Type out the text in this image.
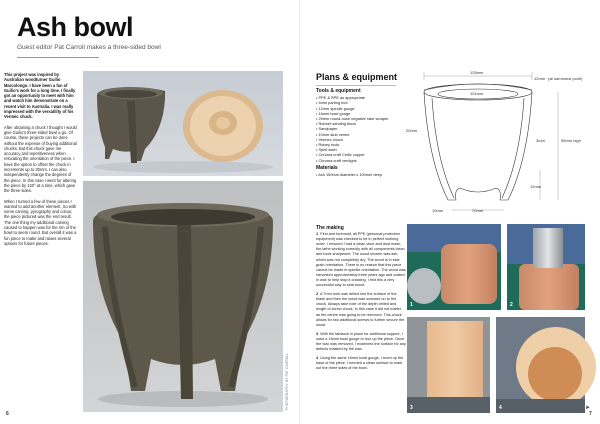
Ash bowl
Guest editor Pat Carroll makes a three-sided bowl

This project was inspired by Australian woodturner Guilio Marcolongo. I have been a fan of Guilio's work for a long time. I finally got an opportunity to meet with him and watch him demonstrate on a recent visit to Australia. I was really impressed with the versatility of his Vermec chuck.

After obtaining a chuck I thought I would give Guilio's three-sided bowl a go. Of course, these projects can be done without the expense of buying additional chucks. But this chuck gave me accuracy and repetitiveness when relocating the orientation of the piece. I have the option to offset the chuck in increments up to 30mm. I can also independently change the degrees of the piece. In this case I went for altering the piece by 120° at a time, which gave the three sides.

When I turned a few of these pieces I wanted to add another element. So with some carving, pyrography and colour, the piece pictured was the end result. The one thing my additional carving caused to happen was for the rim of the bowl to seem round. But overall it was a fun piece to make and raises several options for future pieces.

PHOTOGRAPHY BY PAT CARROLL
6
Plans & equipment
Tools & equipment
• PPE & RPE as appropriate
• 4mm parting tool
• 12mm spindle gouge
• 16mm bowl gouge
• 25mm round-nose negative rake scraper
• Rubber sanding block
• Sandpaper
• 10mm stub centre
• Vermec chuck
• Rotary tools
• Spirit stain
• Chroma craft Celtic copper
• Chroma craft verdigris
Materials
• Ash 150mm diameter x 100mm deep
The making

1 First and foremost, all PPE (personal protection equipment) was checked to be in perfect working order. I ensured I had a clean visor and dust mask, the lathe working correctly with all components clean and tools sharpened. The wood chosen was ash, which was not completely dry. The wood is in side grain orientation. There is no reason that this piece cannot be made in spindle orientation. The wood was harvested approximately three years ago and coated in wax to help stop it cracking. I find this a very successful way to seal wood.

2 A 7mm hole was drilled into the surface of the blank and then the wood was screwed on to the chuck. Always take note of the depth drilled and length of screw chuck. In this case it did not matter as the centre was going to be removed. This chuck allows for two additional screws to further secure the wood.

3 With the tailstock in place for additional support, I used a 16mm bowl gouge to true up the piece. Once the wax was removed, I examined the surface for any defects masked by the wax.

4 Using the same 16mm bowl gouge, I trued up the base of the piece. I needed a clean surface to mark out the three sides of the bowl.

125mm
12mm (at narrowest point)
101mm
20mm
3mm	95mm high
12mm
10mm	70mm
1	2
3	4	►
7
